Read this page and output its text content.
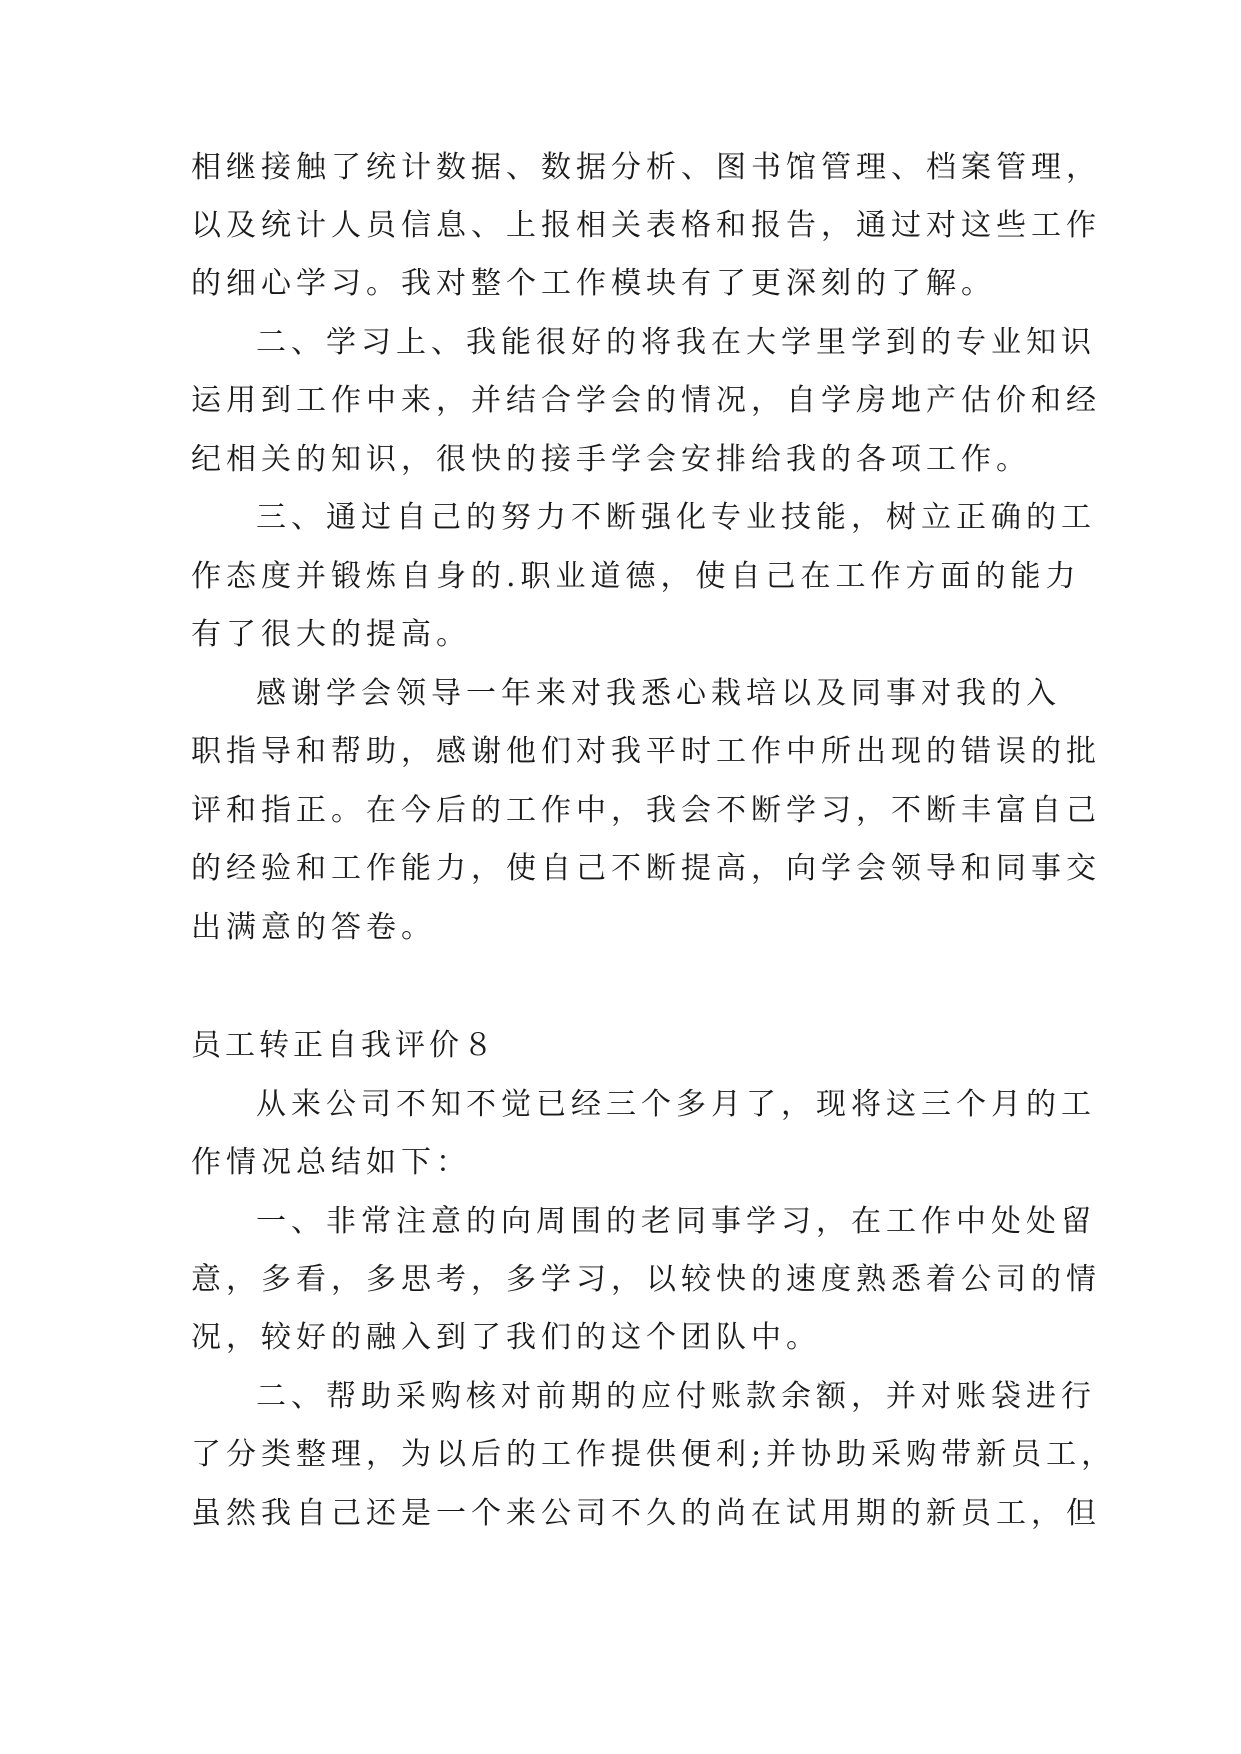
相继接触了统计数据、数据分析、图书馆管理、档案管理，
以及统计人员信息、上报相关表格和报告，通过对这些工作
的细心学习。我对整个工作模块有了更深刻的了解。
二、学习上、我能很好的将我在大学里学到的专业知识
运用到工作中来，并结合学会的情况，自学房地产估价和经
纪相关的知识，很快的接手学会安排给我的各项工作。
三、通过自己的努力不断强化专业技能，树立正确的工
作态度并锻炼自身的.职业道德，使自己在工作方面的能力
有了很大的提高。
感谢学会领导一年来对我悉心栽培以及同事对我的入
职指导和帮助，感谢他们对我平时工作中所出现的错误的批
评和指正。在今后的工作中，我会不断学习，不断丰富自己
的经验和工作能力，使自己不断提高，向学会领导和同事交
出满意的答卷。
员工转正自我评价８
从来公司不知不觉已经三个多月了，现将这三个月的工
作情况总结如下：
一、非常注意的向周围的老同事学习，在工作中处处留
意，多看，多思考，多学习，以较快的速度熟悉着公司的情
况，较好的融入到了我们的这个团队中。
二、帮助采购核对前期的应付账款余额，并对账袋进行
了分类整理，为以后的工作提供便利;并协助采购带新员工，
虽然我自己还是一个来公司不久的尚在试用期的新员工，但
